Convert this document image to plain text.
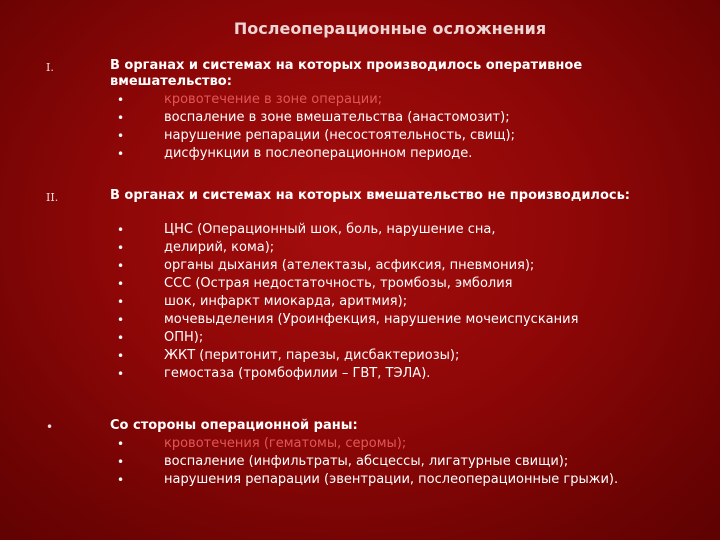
Послеоперационные осложнения
I.	В органах и системах на которых производилось оперативное вмешательство:
•	кровотечение в зоне операции;
•	воспаление в зоне вмешательства (анастомозит);
•	нарушение репарации (несостоятельность, свищ);
•	дисфункции в послеоперационном периоде.
II.	В органах и системах на которых вмешательство не производилось:
•	ЦНС (Операционный шок, боль, нарушение сна,
•	делирий, кома);
•	органы дыхания (ателектазы, асфиксия, пневмония);
•	ССС (Острая недостаточность, тромбозы, эмболия
•	шок, инфаркт миокарда, аритмия);
•	мочевыделения (Уроинфекция, нарушение мочеиспускания
•	ОПН);
•	ЖКТ (перитонит, парезы, дисбактериозы);
•	гемостаза (тромбофилии – ГВТ, ТЭЛА).
•	Со стороны операционной раны:
•	кровотечения (гематомы, серомы);
•	воспаление (инфильтраты, абсцессы, лигатурные свищи);
•	нарушения репарации (эвентрации, послеоперационные грыжи).
